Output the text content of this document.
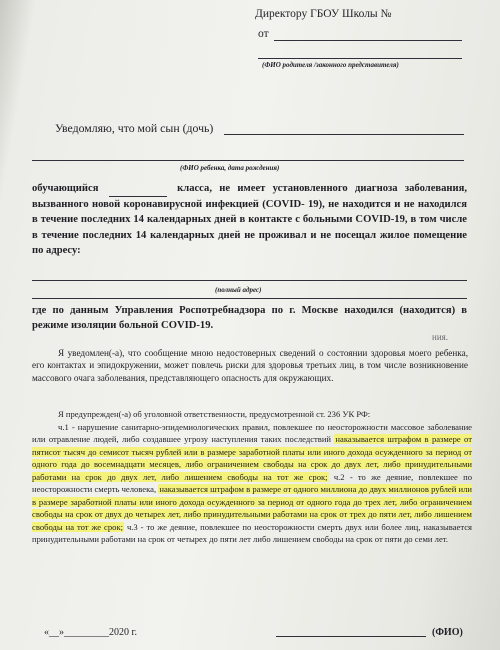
Директору ГБОУ Школы №
от
(ФИО родителя /законного представителя)
Уведомляю, что мой сын (дочь)
(ФИО ребенка, дата рождения)
обучающийся	класса, не имеет установленного диагноза заболевания, вызванного новой коронавирусной инфекцией (COVID- 19), не находится и не находился в течение последних 14 календарных дней в контакте с больными COVID-19, в том числе в течение последних 14 календарных дней не проживал и не посещал жилое помещение по адресу:
(полный адрес)
где по данным Управления Роспотребнадзора по г. Москве находился (находится) в режиме изоляции больной COVID-19.
ния.
Я уведомлен(-а), что сообщение мною недостоверных сведений о состоянии здоровья моего ребенка, его контактах и эпидокружении, может повлечь риски для здоровья третьих лиц, в том числе возникновение массового очага заболевания, представляющего опасность для окружающих.
Я предупрежден(-а) об уголовной ответственности, предусмотренной ст. 236 УК РФ:
ч.1 - нарушение санитарно-эпидемиологических правил, повлекшее по неосторожности массовое заболевание или отравление людей, либо создавшее угрозу наступления таких последствий наказывается штрафом в размере от пятисот тысяч до семисот тысяч рублей или в размере заработной платы или иного дохода осужденного за период от одного года до восемнадцати месяцев, либо ограничением свободы на срок до двух лет, либо принудительными работами на срок до двух лет, либо лишением свободы на тот же срок; ч.2 - то же деяние, повлекшее по неосторожности смерть человека, наказывается штрафом в размере от одного миллиона до двух миллионов рублей или в размере заработной платы или иного дохода осужденного за период от одного года до трех лет, либо ограничением свободы на срок от двух до четырех лет, либо принудительными работами на срок от трех до пяти лет, либо лишением свободы на тот же срок; ч.3 - то же деяние, повлекшее по неосторожности смерть двух или более лиц, наказывается принудительными работами на срок от четырех до пяти лет либо лишением свободы на срок от пяти до семи лет.
«__»_________2020 г.	(ФИО)
